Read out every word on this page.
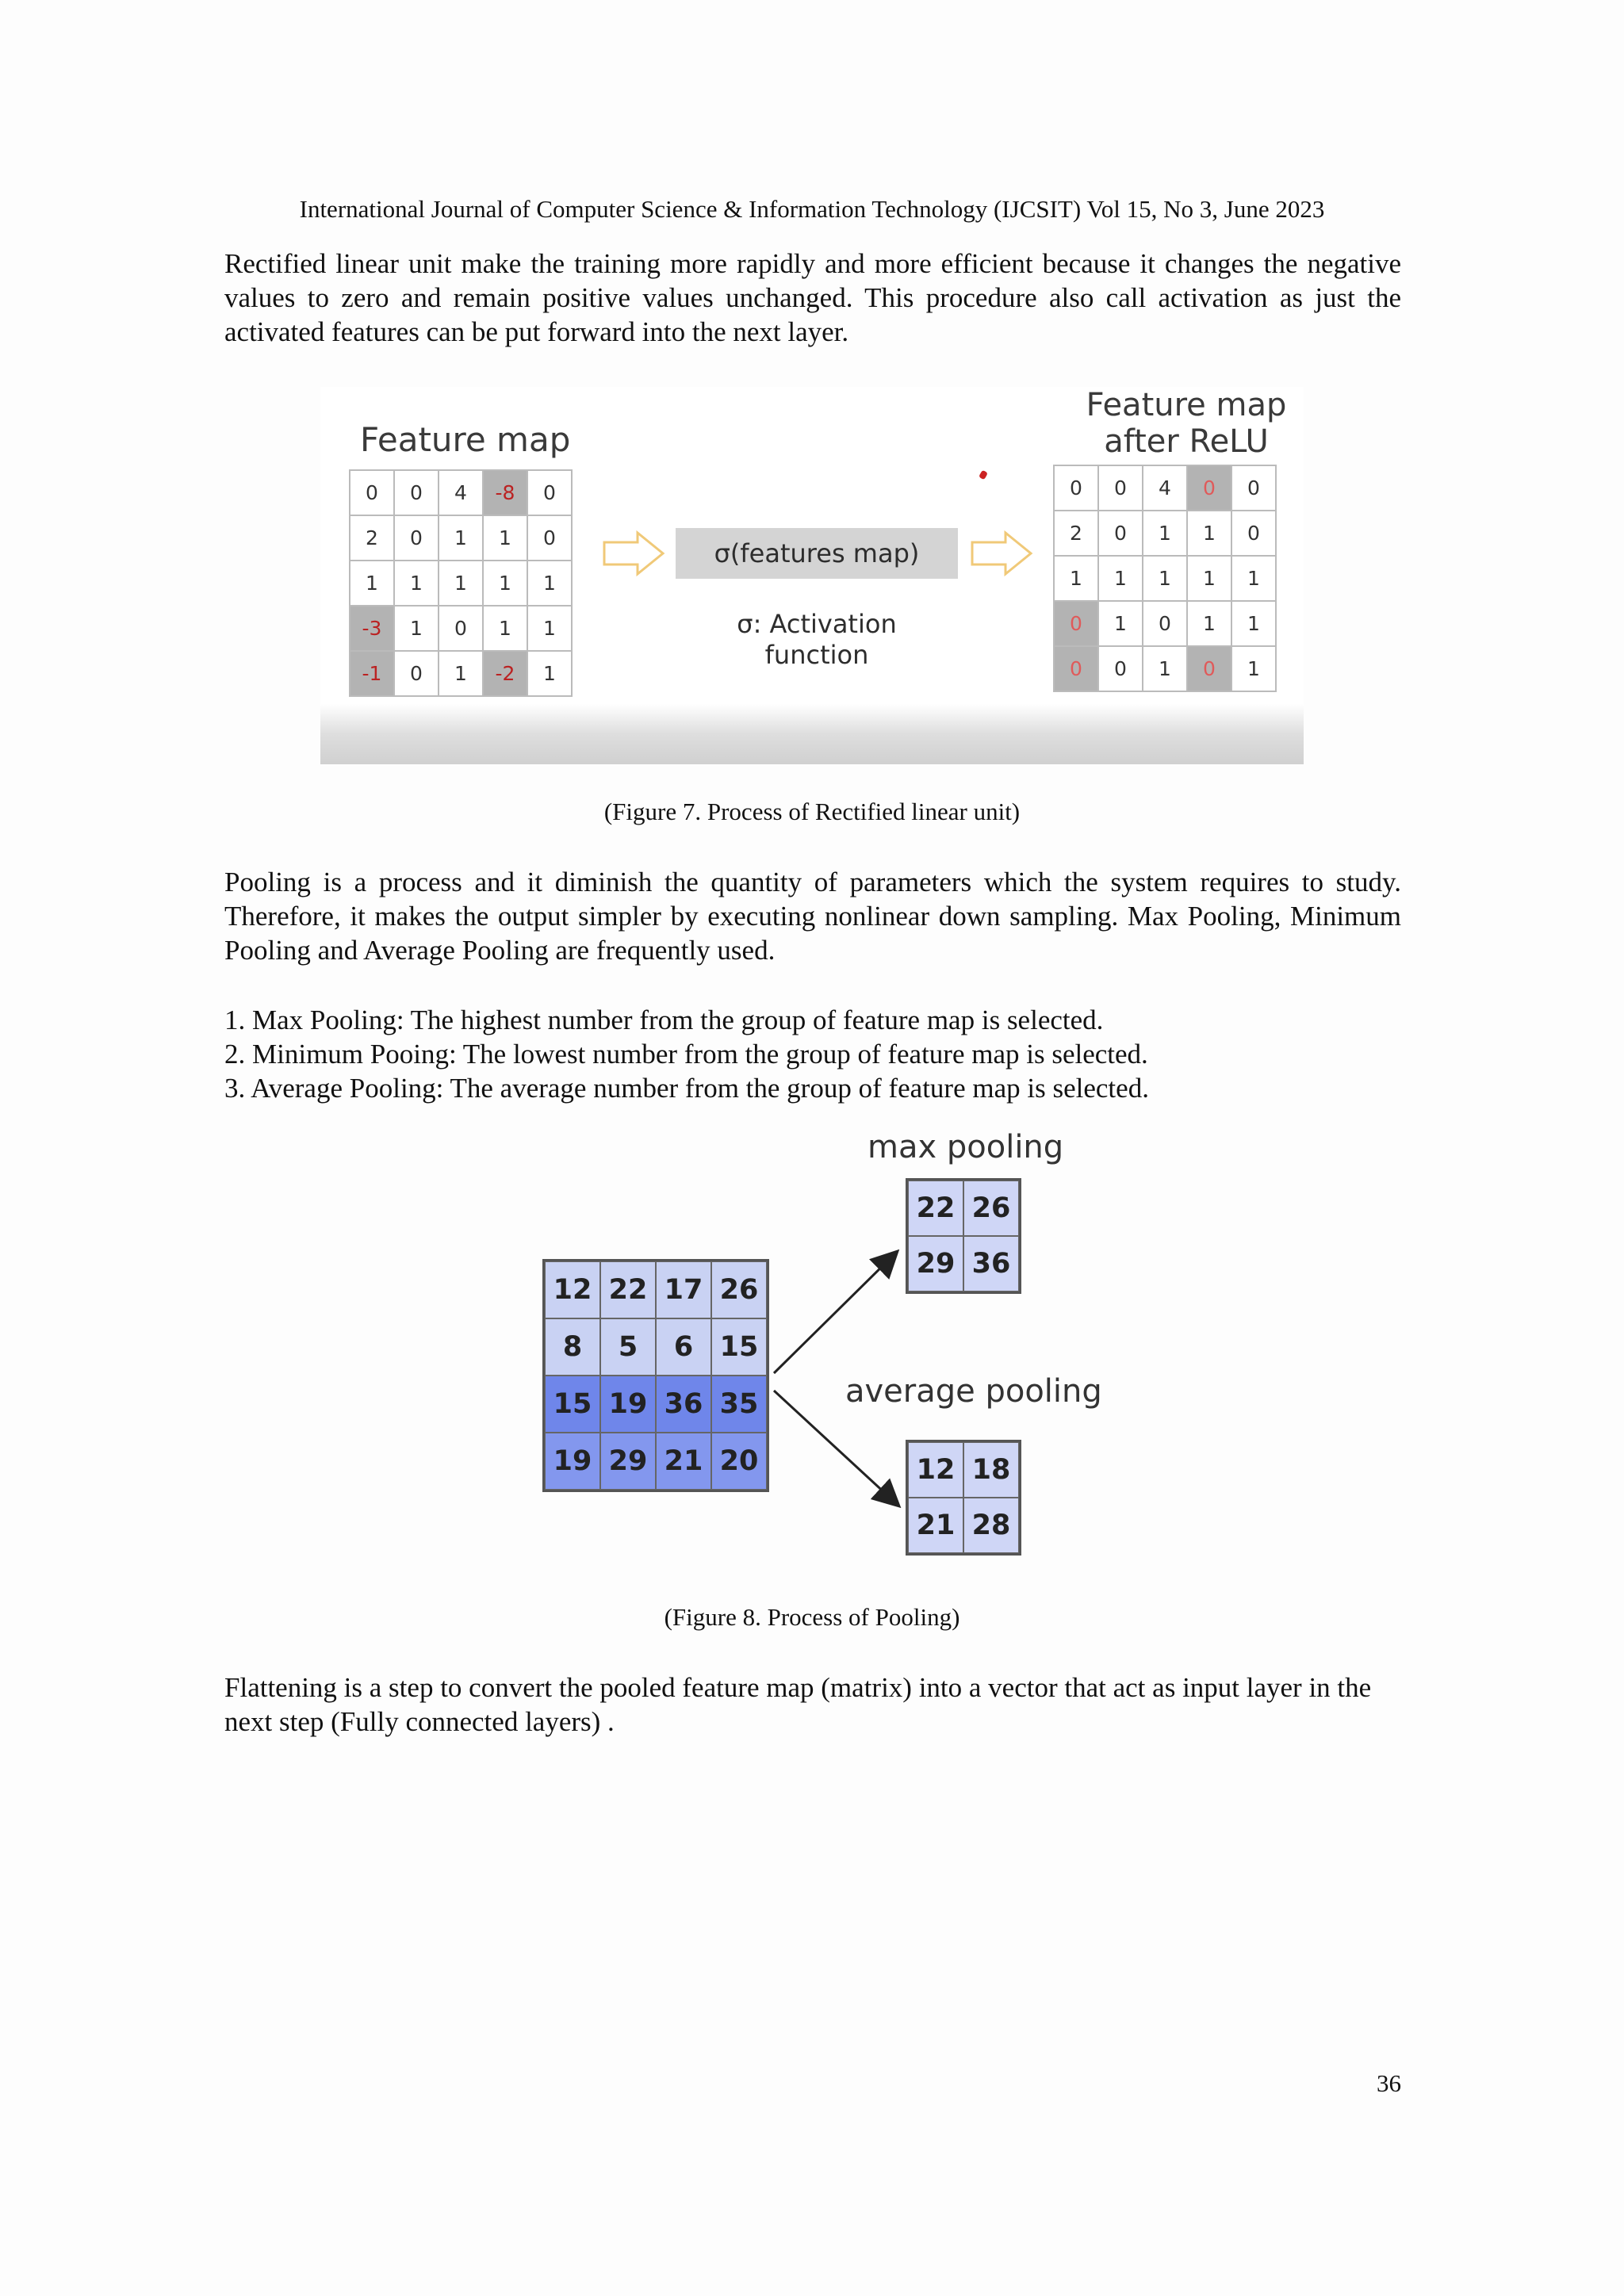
International Journal of Computer Science & Information Technology (IJCSIT) Vol 15, No 3, June 2023

Rectified linear unit make the training more rapidly and more efficient because it changes the negative values to zero and remain positive values unchanged. This procedure also call activation as just the activated features can be put forward into the next layer.

Feature map
0	0	4	-8	0
2	0	1	1	0
1	1	1	1	1
-3	1	0	1	1
-1	0	1	-2	1
σ(features map)
σ: Activation
function
Feature map
after ReLU
0	0	4	0	0
2	0	1	1	0
1	1	1	1	1
0	1	0	1	1
0	0	1	0	1
(Figure 7. Process of Rectified linear unit)

Pooling is a process and it diminish the quantity of parameters which the system requires to study. Therefore, it makes the output simpler by executing nonlinear down sampling. Max Pooling, Minimum Pooling and Average Pooling are frequently used.

1. Max Pooling: The highest number from the group of feature map is selected.
2. Minimum Pooing: The lowest number from the group of feature map is selected.
3. Average Pooling: The average number from the group of feature map is selected.
max pooling
22 26
29 36
12 22 17 26
8	5	6 15
15 19 36 35
19 29 21 20
average pooling
12 18
21 28
(Figure 8. Process of Pooling)

Flattening is a step to convert the pooled feature map (matrix) into a vector that act as input layer in the next step (Fully connected layers) .

36
